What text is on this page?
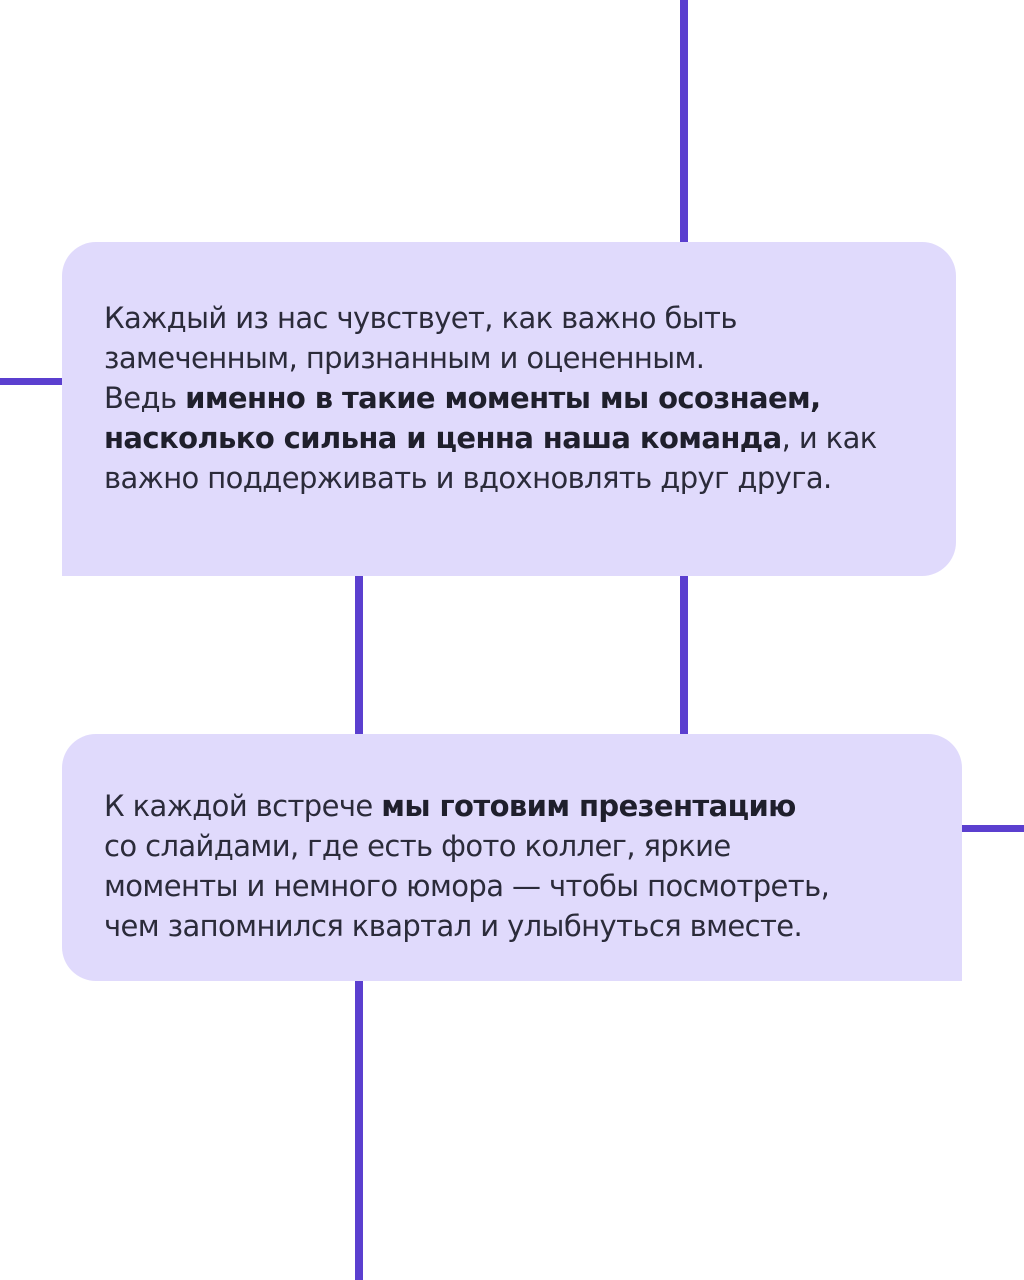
Каждый из нас чувствует, как важно быть
замеченным, признанным и оцененным.
Ведь именно в такие моменты мы осознаем,
насколько сильна и ценна наша команда, и как
важно поддерживать и вдохновлять друг друга.

К каждой встрече мы готовим презентацию
со слайдами, где есть фото коллег, яркие
моменты и немного юмора — чтобы посмотреть,
чем запомнился квартал и улыбнуться вместе.
